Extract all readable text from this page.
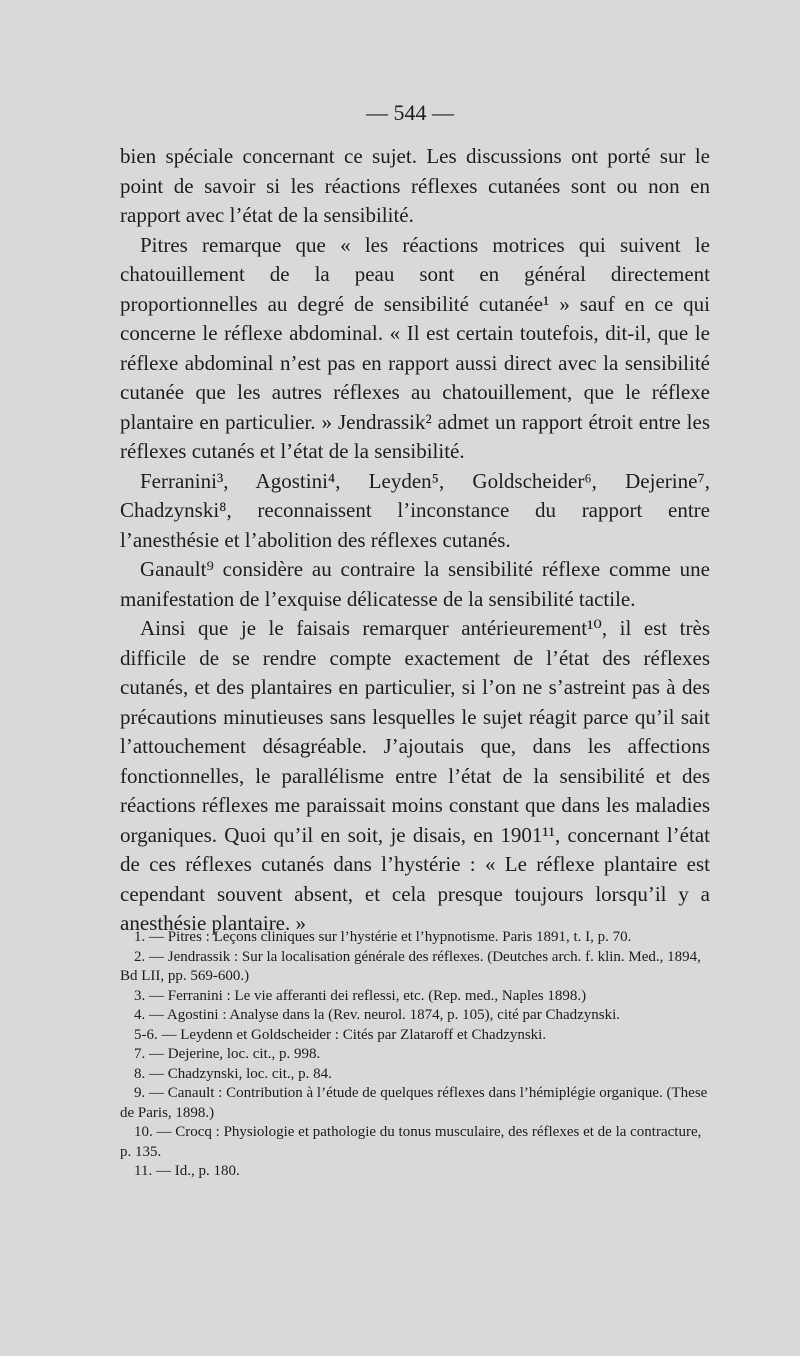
— 544 —

bien spéciale concernant ce sujet. Les discussions ont porté sur le point de savoir si les réactions réflexes cutanées sont ou non en rapport avec l’état de la sensibilité.

Pitres remarque que « les réactions motrices qui suivent le chatouillement de la peau sont en général directement proportionnelles au degré de sensibilité cutanée¹ » sauf en ce qui concerne le réflexe abdominal. « Il est certain toutefois, dit-il, que le réflexe abdominal n’est pas en rapport aussi direct avec la sensibilité cutanée que les autres réflexes au chatouillement, que le réflexe plantaire en particulier. » Jendrassik² admet un rapport étroit entre les réflexes cutanés et l’état de la sensibilité.

Ferranini³, Agostini⁴, Leyden⁵, Goldscheider⁶, Dejerine⁷, Chadzynski⁸, reconnaissent l’inconstance du rapport entre l’anesthésie et l’abolition des réflexes cutanés.

Ganault⁹ considère au contraire la sensibilité réflexe comme une manifestation de l’exquise délicatesse de la sensibilité tactile.

Ainsi que je le faisais remarquer antérieurement¹⁰, il est très difficile de se rendre compte exactement de l’état des réflexes cutanés, et des plantaires en particulier, si l’on ne s’astreint pas à des précautions minutieuses sans lesquelles le sujet réagit parce qu’il sait l’attouchement désagréable. J’ajoutais que, dans les affections fonctionnelles, le parallélisme entre l’état de la sensibilité et des réactions réflexes me paraissait moins constant que dans les maladies organiques. Quoi qu’il en soit, je disais, en 1901¹¹, concernant l’état de ces réflexes cutanés dans l’hystérie : « Le réflexe plantaire est cependant souvent absent, et cela presque toujours lorsqu’il y a anesthésie plantaire. »

1. — Pitres : Leçons cliniques sur l’hystérie et l’hypnotisme. Paris 1891, t. I, p. 70.

2. — Jendrassik : Sur la localisation générale des réflexes. (Deutches arch. f. klin. Med., 1894, Bd LII, pp. 569-600.)

3. — Ferranini : Le vie afferanti dei reflessi, etc. (Rep. med., Naples 1898.)

4. — Agostini : Analyse dans la (Rev. neurol. 1874, p. 105), cité par Chadzynski.

5-6. — Leydenn et Goldscheider : Cités par Zlataroff et Chadzynski.

7. — Dejerine, loc. cit., p. 998.

8. — Chadzynski, loc. cit., p. 84.

9. — Canault : Contribution à l’étude de quelques réflexes dans l’hémiplégie organique. (These de Paris, 1898.)

10. — Crocq : Physiologie et pathologie du tonus musculaire, des réflexes et de la contracture, p. 135.

11. — Id., p. 180.
